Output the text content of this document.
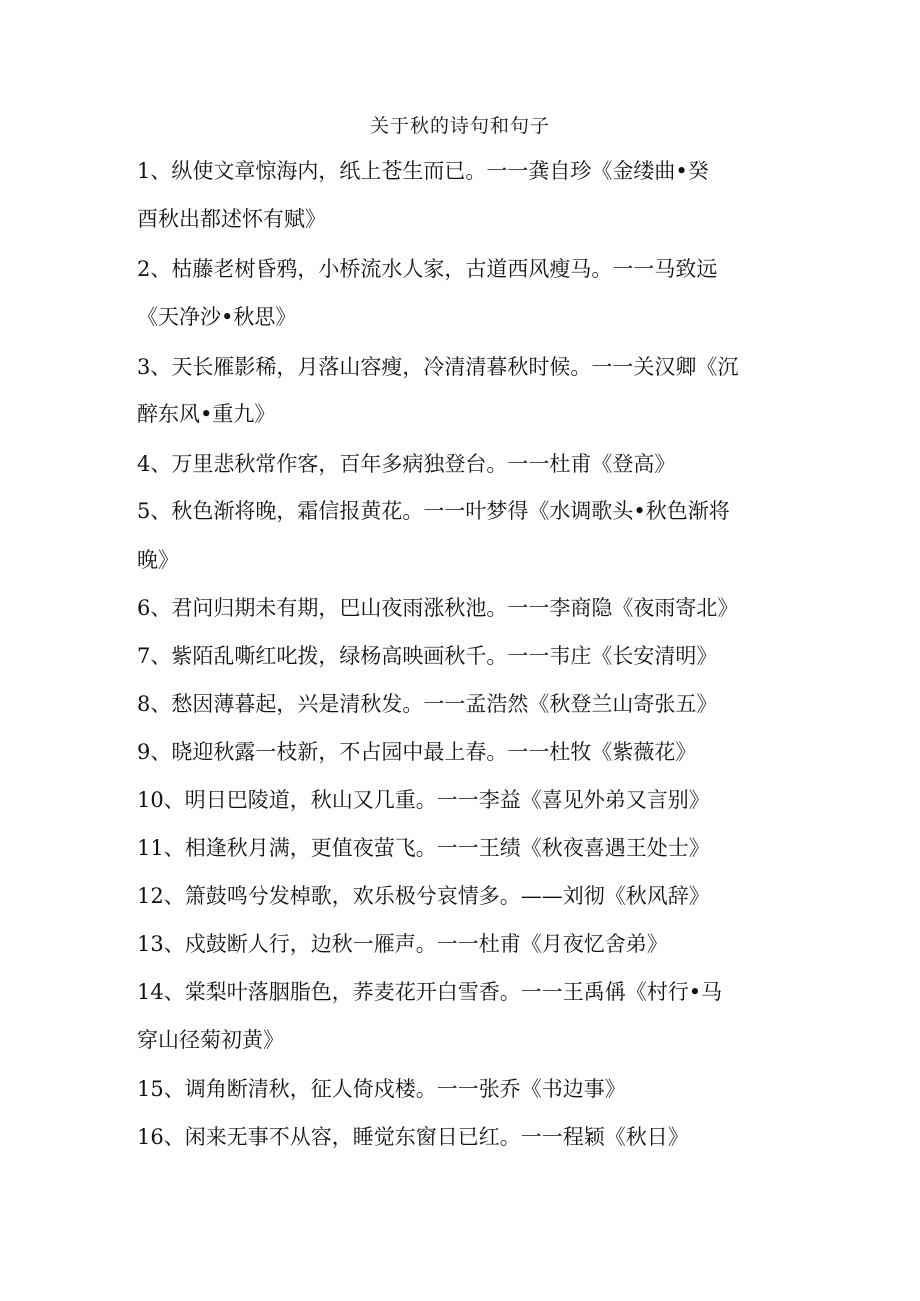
关于秋的诗句和句子
1、纵使文章惊海内，纸上苍生而已。一一龚自珍《金缕曲•癸
酉秋出都述怀有赋》
2、枯藤老树昏鸦，小桥流水人家，古道西风瘦马。一一马致远
《天净沙•秋思》
3、天长雁影稀，月落山容瘦，冷清清暮秋时候。一一关汉卿《沉
醉东风•重九》
4、万里悲秋常作客，百年多病独登台。一一杜甫《登高》
5、秋色渐将晚，霜信报黄花。一一叶梦得《水调歌头•秋色渐将
晚》
6、君问归期未有期，巴山夜雨涨秋池。一一李商隐《夜雨寄北》
7、紫陌乱嘶红叱拨，绿杨高映画秋千。一一韦庄《长安清明》
8、愁因薄暮起，兴是清秋发。一一孟浩然《秋登兰山寄张五》
9、晓迎秋露一枝新，不占园中最上春。一一杜牧《紫薇花》
10、明日巴陵道，秋山又几重。一一李益《喜见外弟又言别》
11、相逢秋月满，更值夜萤飞。一一王绩《秋夜喜遇王处士》
12、箫鼓鸣兮发棹歌，欢乐极兮哀情多。——刘彻《秋风辞》
13、戍鼓断人行，边秋一雁声。一一杜甫《月夜忆舍弟》
14、棠梨叶落胭脂色，荞麦花开白雪香。一一王禹偁《村行•马
穿山径菊初黄》
15、调角断清秋，征人倚戍楼。一一张乔《书边事》
16、闲来无事不从容，睡觉东窗日已红。一一程颖《秋日》
